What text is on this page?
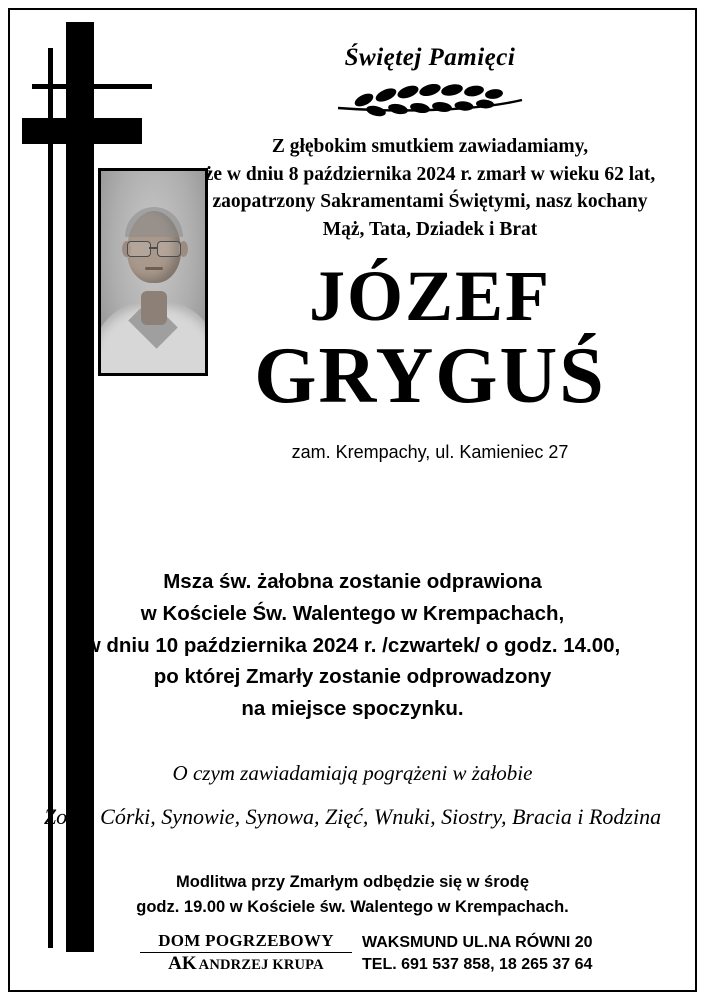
Świętej Pamięci
Z głębokim smutkiem zawiadamiamy,
że w dniu 8 października 2024 r. zmarł w wieku 62 lat,
zaopatrzony Sakramentami Świętymi, nasz kochany
Mąż, Tata, Dziadek i Brat
JÓZEF
GRYGUŚ
zam. Krempachy, ul. Kamieniec 27
Msza św. żałobna zostanie odprawiona
w Kościele Św. Walentego w Krempachach,
w dniu 10 października 2024 r. /czwartek/ o godz. 14.00,
po której Zmarły zostanie odprowadzony
na miejsce spoczynku.
O czym zawiadamiają pogrążeni w żałobie
Żona, Córki, Synowie, Synowa, Zięć, Wnuki, Siostry, Bracia i Rodzina
Modlitwa przy Zmarłym odbędzie się w środę
godz. 19.00 w Kościele św. Walentego w Krempachach.
DOM POGRZEBOWY
AK ANDRZEJ KRUPA
WAKSMUND UL.NA RÓWNI 20
TEL. 691 537 858, 18 265 37 64
